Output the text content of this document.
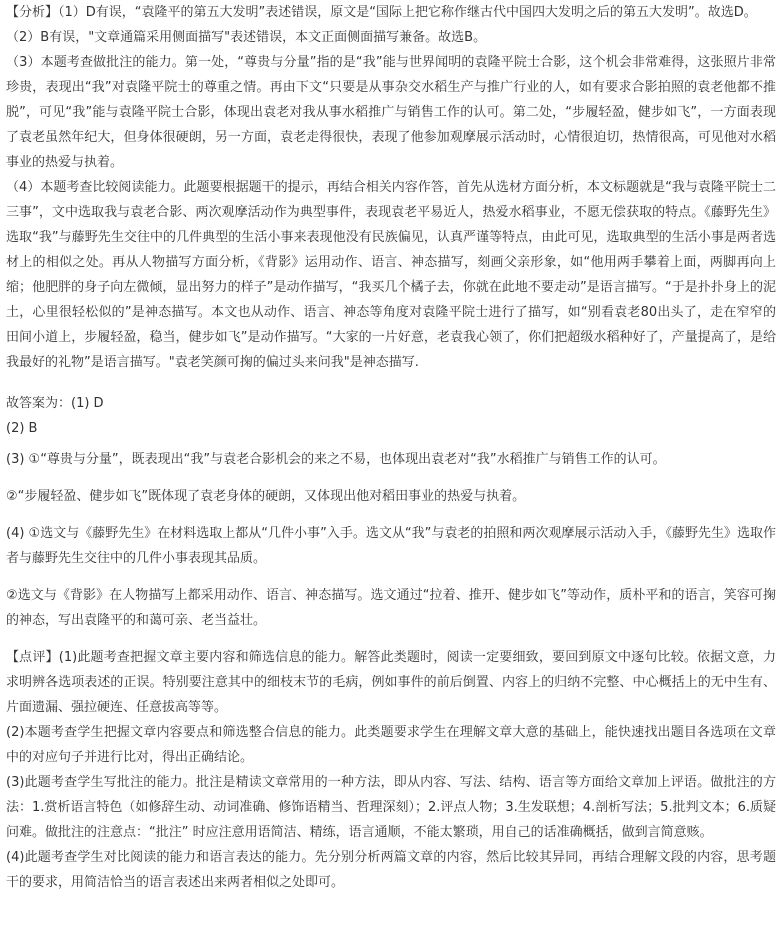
【分析】（1）D有误，“袁隆平的第五大发明”表述错误，原文是“国际上把它称作继古代中国四大发明之后的第五大发明”。故选D。

（2）B有误，"文章通篇采用侧面描写"表述错误，本文正面侧面描写兼备。故选B。

（3）本题考查做批注的能力。第一处，“尊贵与分量”指的是“我”能与世界闻明的袁隆平院士合影，这个机会非常难得，这张照片非常珍贵，表现出“我”对袁隆平院士的尊重之情。再由下文“只要是从事杂交水稻生产与推广行业的人，如有要求合影拍照的袁老他都不推脱”，可见“我”能与袁隆平院士合影，体现出袁老对我从事水稻推广与销售工作的认可。第二处，“步履轻盈，健步如飞”，一方面表现了袁老虽然年纪大，但身体很硬朗，另一方面，袁老走得很快，表现了他参加观摩展示活动时，心情很迫切，热情很高，可见他对水稻事业的热爱与执着。

（4）本题考查比较阅读能力。此题要根据题干的提示，再结合相关内容作答，首先从选材方面分析，本文标题就是“我与袁隆平院士二三事”，文中选取我与袁老合影、两次观摩活动作为典型事件，表现袁老平易近人，热爱水稻事业，不愿无偿获取的特点。《藤野先生》选取“我”与藤野先生交往中的几件典型的生活小事来表现他没有民族偏见，认真严谨等特点，由此可见，选取典型的生活小事是两者选材上的相似之处。再从人物描写方面分析，《背影》运用动作、语言、神态描写，刻画父亲形象，如“他用两手攀着上面，两脚再向上缩；他肥胖的身子向左微倾，显出努力的样子”是动作描写，“我买几个橘子去，你就在此地不要走动”是语言描写。“于是扑扑身上的泥土，心里很轻松似的”是神态描写。本文也从动作、语言、神态等角度对袁隆平院士进行了描写，如“别看袁老80出头了，走在窄窄的田间小道上，步履轻盈，稳当，健步如飞”是动作描写。“大家的一片好意，老袁我心领了，你们把超级水稻种好了，产量提高了，是给我最好的礼物”是语言描写。"袁老笑颜可掬的偏过头来问我"是神态描写.

故答案为：(1) D

(2) B

(3) ①“尊贵与分量”，既表现出“我”与袁老合影机会的来之不易，也体现出袁老对“我”水稻推广与销售工作的认可。

②“步履轻盈、健步如飞”既体现了袁老身体的硬朗，又体现出他对稻田事业的热爱与执着。

(4) ①选文与《藤野先生》在材料选取上都从“几件小事”入手。选文从“我”与袁老的拍照和两次观摩展示活动入手，《藤野先生》选取作者与藤野先生交往中的几件小事表现其品质。

②选文与《背影》在人物描写上都采用动作、语言、神态描写。选文通过“拉着、推开、健步如飞”等动作，质朴平和的语言，笑容可掬的神态，写出袁隆平的和蔼可亲、老当益壮。

【点评】(1)此题考查把握文章主要内容和筛选信息的能力。解答此类题时，阅读一定要细致，要回到原文中逐句比较。依据文意，力求明辨各选项表述的正误。特别要注意其中的细枝末节的毛病，例如事件的前后倒置、内容上的归纳不完整、中心概括上的无中生有、片面遗漏、强拉硬连、任意拔高等等。

(2)本题考查学生把握文章内容要点和筛选整合信息的能力。此类题要求学生在理解文章大意的基础上，能快速找出题目各选项在文章中的对应句子并进行比对，得出正确结论。

(3)此题考查学生写批注的能力。批注是精读文章常用的一种方法，即从内容、写法、结构、语言等方面给文章加上评语。做批注的方法：1.赏析语言特色（如修辞生动、动词准确、修饰语精当、哲理深刻）；2.评点人物；3.生发联想；4.剖析写法；5.批判文本；6.质疑问难。做批注的注意点：“批注” 时应注意用语简洁、精练，语言通顺，不能太繁琐，用自己的话准确概括，做到言简意赅。

(4)此题考查学生对比阅读的能力和语言表达的能力。先分别分析两篇文章的内容，然后比较其异同，再结合理解文段的内容，思考题干的要求，用简洁恰当的语言表述出来两者相似之处即可。
